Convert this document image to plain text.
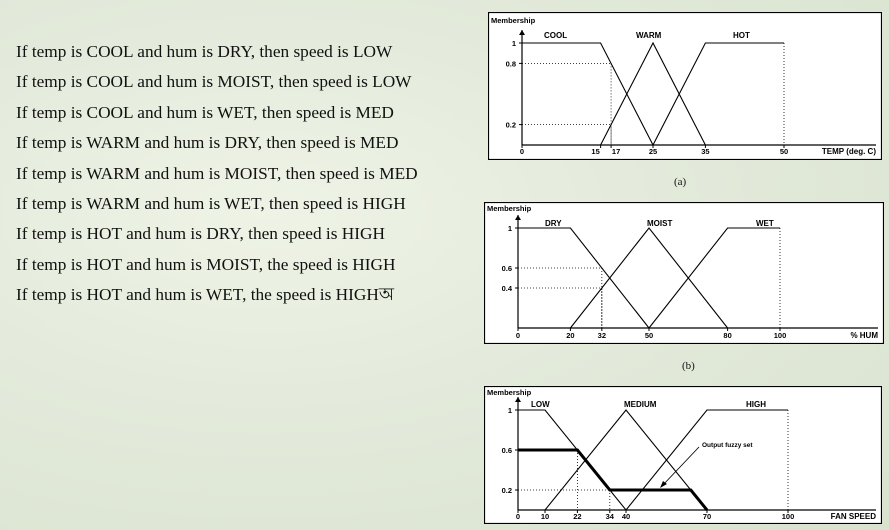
If temp is COOL and hum is DRY, then speed is LOW
If temp is COOL and hum is MOIST, then speed is LOW
If temp is COOL and hum is WET, then speed is MED
If temp is WARM and hum is DRY, then speed is MED
If temp is WARM and hum is MOIST, then speed is MED
If temp is WARM and hum is WET, then speed is HIGH
If temp is HOT and hum is DRY, then speed is HIGH
If temp is HOT and hum is MOIST, the speed is HIGH
If temp is HOT and hum is WET, the speed is HIGHঅ
Membership
TEMP (deg. C)
0.2
0.8
1
0	15 17	25	35	50
COOL	WARM	HOT
(a)
Membership
% HUM
0.4
0.6
1
0	20	32	50	80	100
DRY	MOIST	WET
(b)
Membership
FAN SPEED
0.2
0.6
1
0	10	22	34 40	70	100
LOW	MEDIUM	HIGH
Output fuzzy set
